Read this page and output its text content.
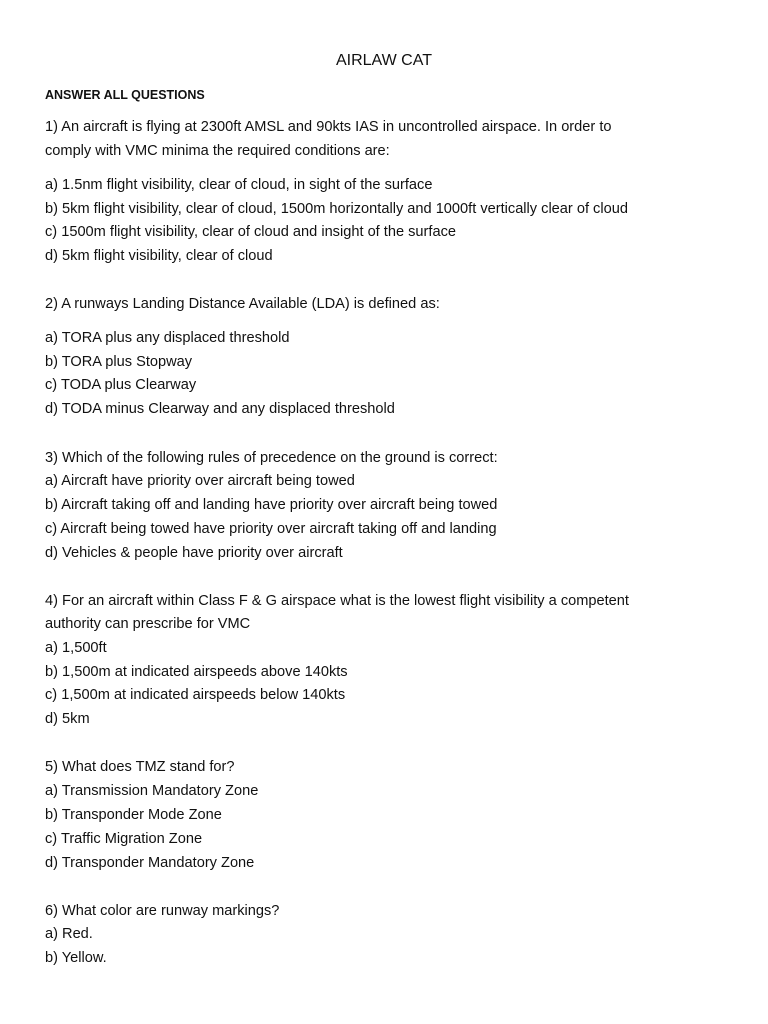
AIRLAW CAT
ANSWER ALL QUESTIONS
1) An aircraft is flying at 2300ft AMSL and 90kts IAS in uncontrolled airspace. In order to
comply with VMC minima the required conditions are:
a) 1.5nm flight visibility, clear of cloud, in sight of the surface
b) 5km flight visibility, clear of cloud, 1500m horizontally and 1000ft vertically clear of cloud
c) 1500m flight visibility, clear of cloud and insight of the surface
d) 5km flight visibility, clear of cloud
2) A runways Landing Distance Available (LDA) is defined as:
a) TORA plus any displaced threshold
b) TORA plus Stopway
c) TODA plus Clearway
d) TODA minus Clearway and any displaced threshold
3) Which of the following rules of precedence on the ground is correct:
a) Aircraft have priority over aircraft being towed
b) Aircraft taking off and landing have priority over aircraft being towed
c) Aircraft being towed have priority over aircraft taking off and landing
d) Vehicles & people have priority over aircraft
4) For an aircraft within Class F & G airspace what is the lowest flight visibility a competent
authority can prescribe for VMC
a) 1,500ft
b) 1,500m at indicated airspeeds above 140kts
c) 1,500m at indicated airspeeds below 140kts
d) 5km
5) What does TMZ stand for?
a) Transmission Mandatory Zone
b) Transponder Mode Zone
c) Traffic Migration Zone
d) Transponder Mandatory Zone
6) What color are runway markings?
a) Red.
b) Yellow.
